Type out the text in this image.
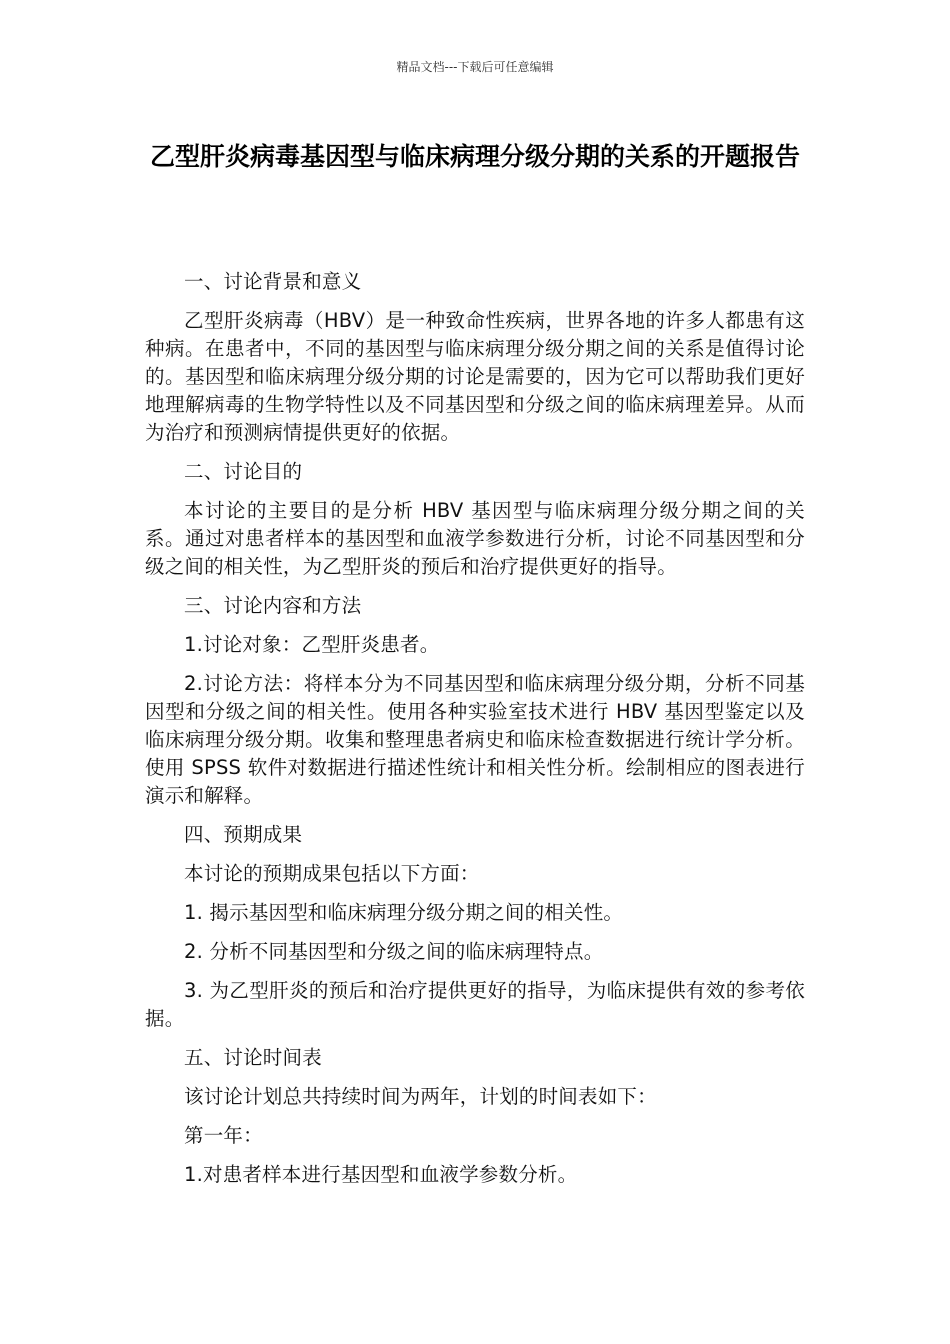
精品文档---下载后可任意编辑
乙型肝炎病毒基因型与临床病理分级分期的关系的开题报告

一、讨论背景和意义

乙型肝炎病毒（HBV）是一种致命性疾病，世界各地的许多人都患有这种病。在患者中，不同的基因型与临床病理分级分期之间的关系是值得讨论的。基因型和临床病理分级分期的讨论是需要的，因为它可以帮助我们更好地理解病毒的生物学特性以及不同基因型和分级之间的临床病理差异。从而为治疗和预测病情提供更好的依据。

二、讨论目的

本讨论的主要目的是分析 HBV 基因型与临床病理分级分期之间的关系。通过对患者样本的基因型和血液学参数进行分析，讨论不同基因型和分级之间的相关性，为乙型肝炎的预后和治疗提供更好的指导。

三、讨论内容和方法

1.讨论对象：乙型肝炎患者。

2.讨论方法：将样本分为不同基因型和临床病理分级分期，分析不同基因型和分级之间的相关性。使用各种实验室技术进行 HBV 基因型鉴定以及临床病理分级分期。收集和整理患者病史和临床检查数据进行统计学分析。使用 SPSS 软件对数据进行描述性统计和相关性分析。绘制相应的图表进行演示和解释。

四、预期成果

本讨论的预期成果包括以下方面：

1. 揭示基因型和临床病理分级分期之间的相关性。

2. 分析不同基因型和分级之间的临床病理特点。

3. 为乙型肝炎的预后和治疗提供更好的指导，为临床提供有效的参考依据。

五、讨论时间表

该讨论计划总共持续时间为两年，计划的时间表如下：

第一年：

1.对患者样本进行基因型和血液学参数分析。
